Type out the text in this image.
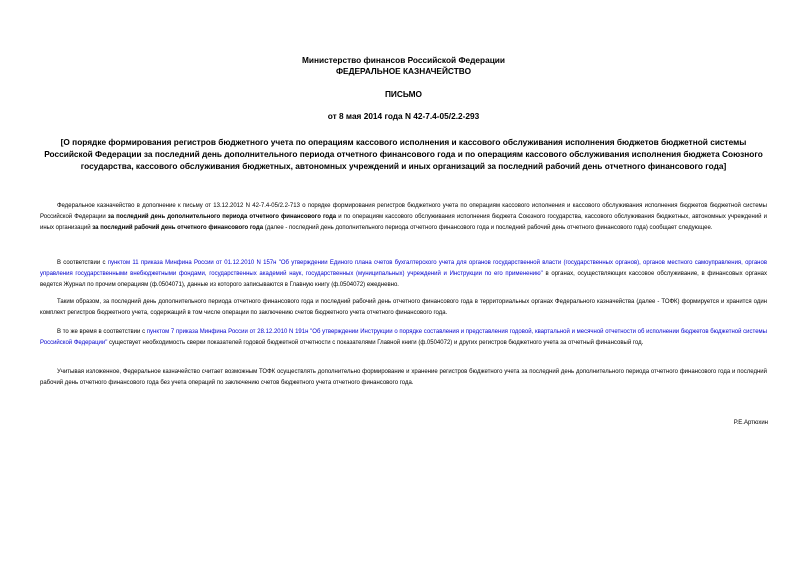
Министерство финансов Российской Федерации
ФЕДЕРАЛЬНОЕ КАЗНАЧЕЙСТВО
ПИСЬМО
от 8 мая 2014 года N 42-7.4-05/2.2-293
[О порядке формирования регистров бюджетного учета по операциям кассового исполнения и кассового обслуживания исполнения бюджетов бюджетной системы Российской Федерации за последний день дополнительного периода отчетного финансового года и по операциям кассового обслуживания исполнения бюджета Союзного государства, кассового обслуживания бюджетных, автономных учреждений и иных организаций за последний рабочий день отчетного финансового года]
Федеральное казначейство в дополнение к письму от 13.12.2012 N 42-7.4-05/2.2-713 о порядке формирования регистров бюджетного учета по операциям кассового исполнения и кассового обслуживания исполнения бюджетов бюджетной системы Российской Федерации за последний день дополнительного периода отчетного финансового года и по операциям кассового обслуживания исполнения бюджета Союзного государства, кассового обслуживания бюджетных, автономных учреждений и иных организаций за последний рабочий день отчетного финансового года (далее - последний день дополнительного периода отчетного финансового года и последний рабочий день отчетного финансового года) сообщает следующее.
В соответствии с пунктом 11 приказа Минфина России от 01.12.2010 N 157н "Об утверждении Единого плана счетов бухгалтерского учета для органов государственной власти (государственных органов), органов местного самоуправления, органов управления государственными внебюджетными фондами, государственных академий наук, государственных (муниципальных) учреждений и Инструкции по его применению" в органах, осуществляющих кассовое обслуживание, в финансовых органах ведется Журнал по прочим операциям (ф.0504071), данные из которого записываются в Главную книгу (ф.0504072) ежедневно.
Таким образом, за последний день дополнительного периода отчетного финансового года и последний рабочий день отчетного финансового года в территориальных органах Федерального казначейства (далее - ТОФК) формируется и хранится один комплект регистров бюджетного учета, содержащий в том числе операции по заключению счетов бюджетного учета отчетного финансового года.
В то же время в соответствии с пунктом 7 приказа Минфина России от 28.12.2010 N 191н "Об утверждении Инструкции о порядке составления и представления годовой, квартальной и месячной отчетности об исполнении бюджетов бюджетной системы Российской Федерации" существует необходимость сверки показателей годовой бюджетной отчетности с показателями Главной книги (ф.0504072) и других регистров бюджетного учета за отчетный финансовый год.
Учитывая изложенное, Федеральное казначейство считает возможным ТОФК осуществлять дополнительно формирование и хранение регистров бюджетного учета за последний день дополнительного периода отчетного финансового года и последний рабочий день отчетного финансового года без учета операций по заключению счетов бюджетного учета отчетного финансового года.
Р.Е.Артюхин
